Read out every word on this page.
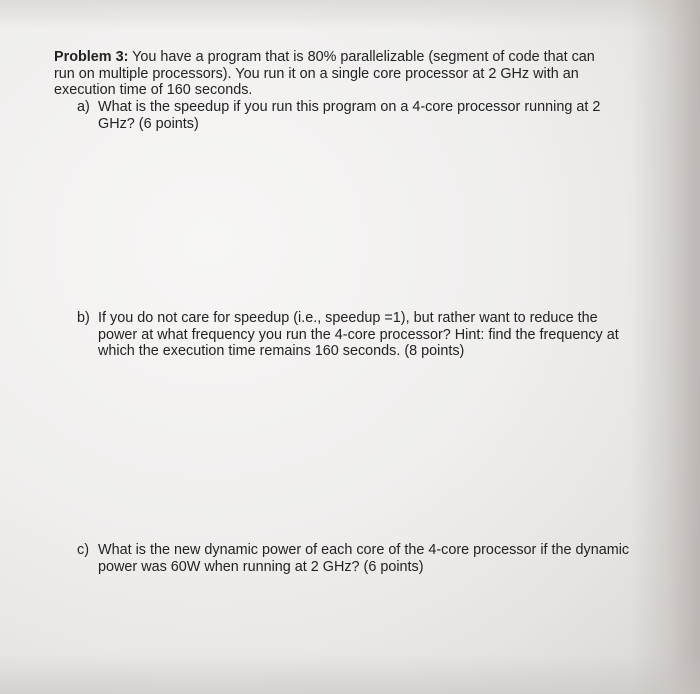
Problem 3: You have a program that is 80% parallelizable (segment of code that can run on multiple processors). You run it on a single core processor at 2 GHz with an execution time of 160 seconds.
a) What is the speedup if you run this program on a 4-core processor running at 2 GHz? (6 points)
b) If you do not care for speedup (i.e., speedup =1), but rather want to reduce the power at what frequency you run the 4-core processor? Hint: find the frequency at which the execution time remains 160 seconds. (8 points)
c) What is the new dynamic power of each core of the 4-core processor if the dynamic power was 60W when running at 2 GHz? (6 points)
